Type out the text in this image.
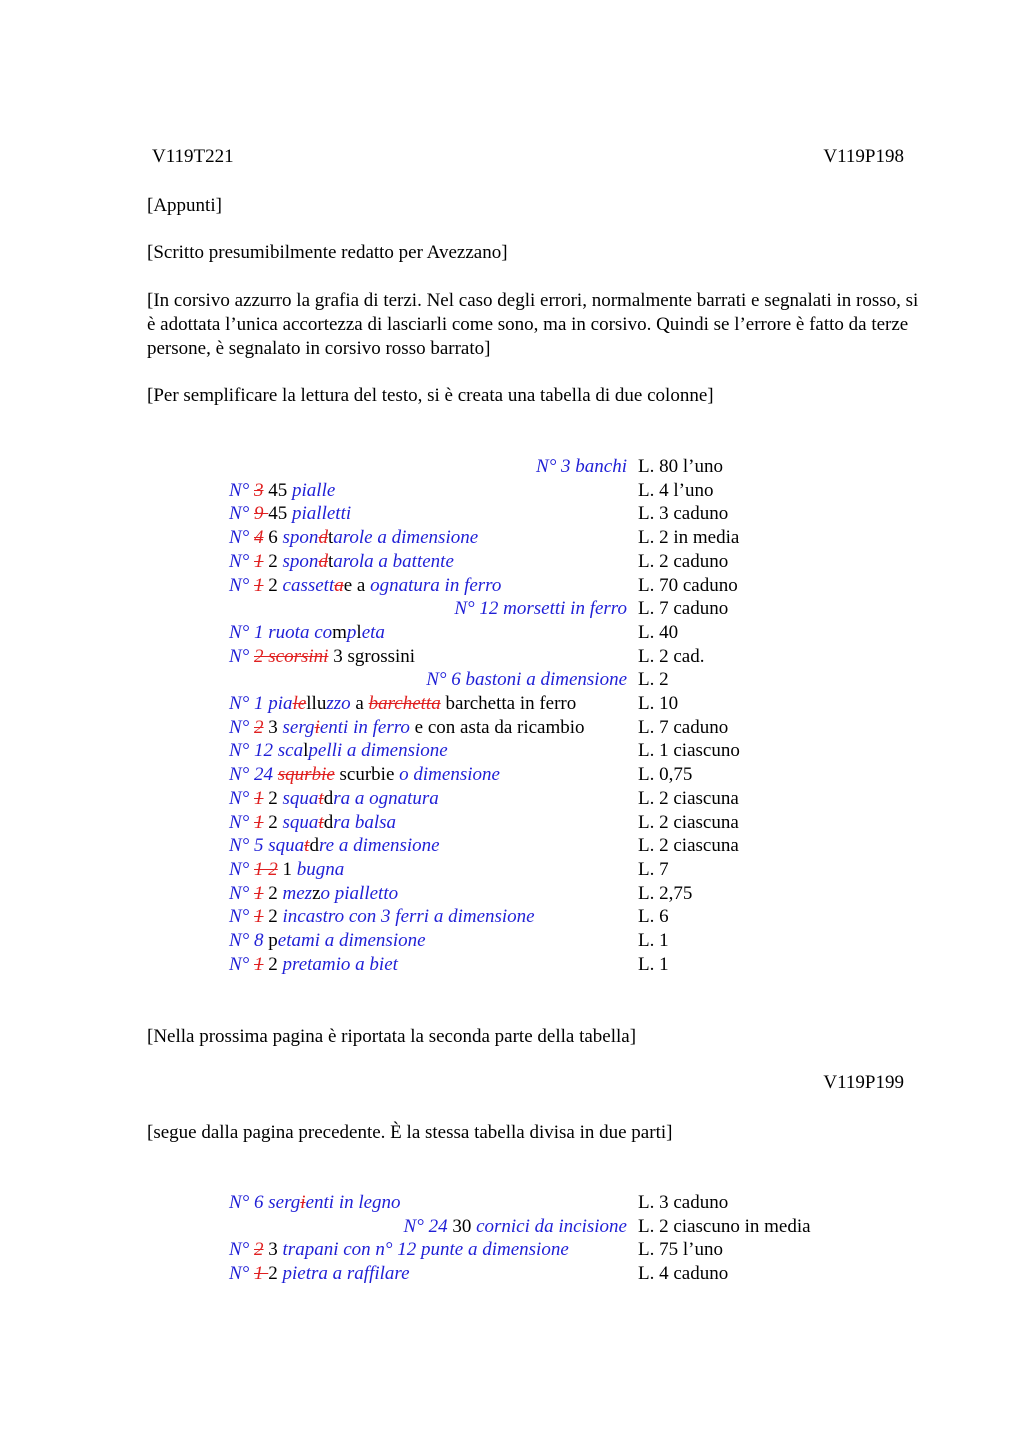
V119T221	V119P198
[Appunti]
[Scritto presumibilmente redatto per Avezzano]
[In corsivo azzurro la grafia di terzi. Nel caso degli errori, normalmente barrati e segnalati in rosso, si è adottata l’unica accortezza di lasciarli come sono, ma in corsivo. Quindi se l’errore è fatto da terze persone, è segnalato in corsivo rosso barrato]
[Per semplificare la lettura del testo, si è creata una tabella di due colonne]
N° 3 banchi L. 80 l’uno
N° 3 45 pialle	L. 4 l’uno
N° 9 45 pialletti	L. 3 caduno
N° 4 6 spondtarole a dimensione	L. 2 in media
N° 1 2 spondtarola a battente	L. 2 caduno
N° 1 2 cassettae a ognatura in ferro	L. 70 caduno
N° 12 morsetti in ferro L. 7 caduno
N° 1 ruota completa	L. 40
N° 2 scorsini 3 sgrossini	L. 2 cad.
N° 6 bastoni a dimensione L. 2
N° 1 pialelluzzo a barchetta barchetta in ferro	L. 10
N° 2 3 sergienti in ferro e con asta da ricambio	L. 7 caduno
N° 12 scalpelli a dimensione	L. 1 ciascuno
N° 24 squrbie scurbie o dimensione	L. 0,75
N° 1 2 squatdra a ognatura	L. 2 ciascuna
N° 1 2 squatdra balsa	L. 2 ciascuna
N° 5 squatdre a dimensione	L. 2 ciascuna
N° 1 2 1 bugna	L. 7
N° 1 2 mezzo pialletto	L. 2,75
N° 1 2 incastro con 3 ferri a dimensione	L. 6
N° 8 petami a dimensione	L. 1
N° 1 2 pretamio a biet	L. 1
[Nella prossima pagina è riportata la seconda parte della tabella]
V119P199
[segue dalla pagina precedente. È la stessa tabella divisa in due parti]
N° 6 sergienti in legno	L. 3 caduno
N° 24 30 cornici da incisione L. 2 ciascuno in media
N° 2 3 trapani con n° 12 punte a dimensione	L. 75 l’uno
N° 1 2 pietra a raffilare	L. 4 caduno
